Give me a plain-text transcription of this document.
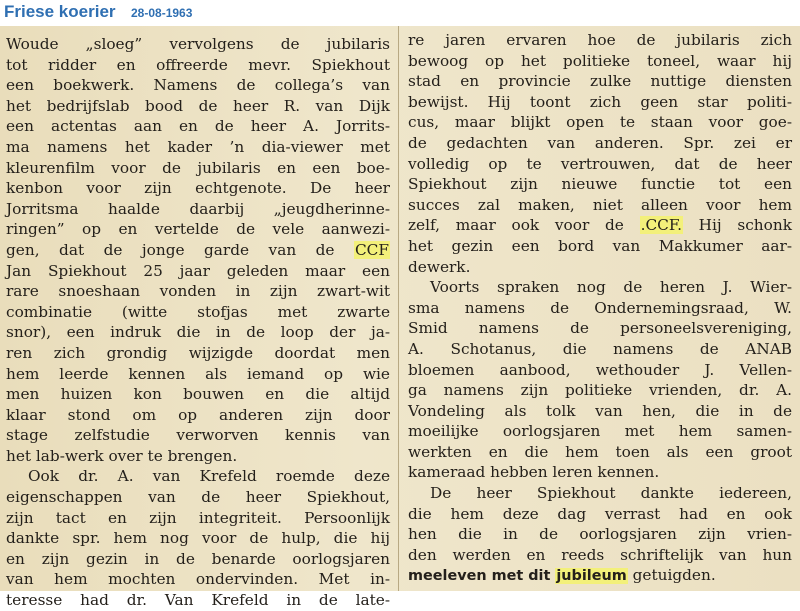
Friese koerier 28-08-1963
Woude „sloeg” vervolgens de jubilaris
tot ridder en offreerde mevr. Spiekhout
een boekwerk. Namens de collega’s van
het bedrijfslab bood de heer R. van Dijk
een actentas aan en de heer A. Jorrits-
ma namens het kader ’n dia-viewer met
kleurenfilm voor de jubilaris en een boe-
kenbon voor zijn echtgenote. De heer
Jorritsma haalde daarbij „jeugdherinne-
ringen” op en vertelde de vele aanwezi-
gen, dat de jonge garde van de CCF
Jan Spiekhout 25 jaar geleden maar een
rare snoeshaan vonden in zijn zwart-wit
combinatie (witte stofjas met zwarte
snor), een indruk die in de loop der ja-
ren zich grondig wijzigde doordat men
hem leerde kennen als iemand op wie
men huizen kon bouwen en die altijd
klaar stond om op anderen zijn door
stage zelfstudie verworven kennis van
het lab-werk over te brengen.
Ook dr. A. van Krefeld roemde deze
eigenschappen van de heer Spiekhout,
zijn tact en zijn integriteit. Persoonlijk
dankte spr. hem nog voor de hulp, die hij
en zijn gezin in de benarde oorlogsjaren
van hem mochten ondervinden. Met in-
teresse had dr. Van Krefeld in de late-
re jaren ervaren hoe de jubilaris zich
bewoog op het politieke toneel, waar hij
stad en provincie zulke nuttige diensten
bewijst. Hij toont zich geen star politi-
cus, maar blijkt open te staan voor goe-
de gedachten van anderen. Spr. zei er
volledig op te vertrouwen, dat de heer
Spiekhout zijn nieuwe functie tot een
succes zal maken, niet alleen voor hem
zelf, maar ook voor de .CCF. Hij schonk
het gezin een bord van Makkumer aar-
dewerk.
Voorts spraken nog de heren J. Wier-
sma namens de Ondernemingsraad, W.
Smid namens de personeelsvereniging,
A. Schotanus, die namens de ANAB
bloemen aanbood, wethouder J. Vellen-
ga namens zijn politieke vrienden, dr. A.
Vondeling als tolk van hen, die in de
moeilijke oorlogsjaren met hem samen-
werkten en die hem toen als een groot
kameraad hebben leren kennen.
De heer Spiekhout dankte iedereen,
die hem deze dag verrast had en ook
hen die in de oorlogsjaren zijn vrien-
den werden en reeds schriftelijk van hun
meeleven met dit jubileum getuigden.
